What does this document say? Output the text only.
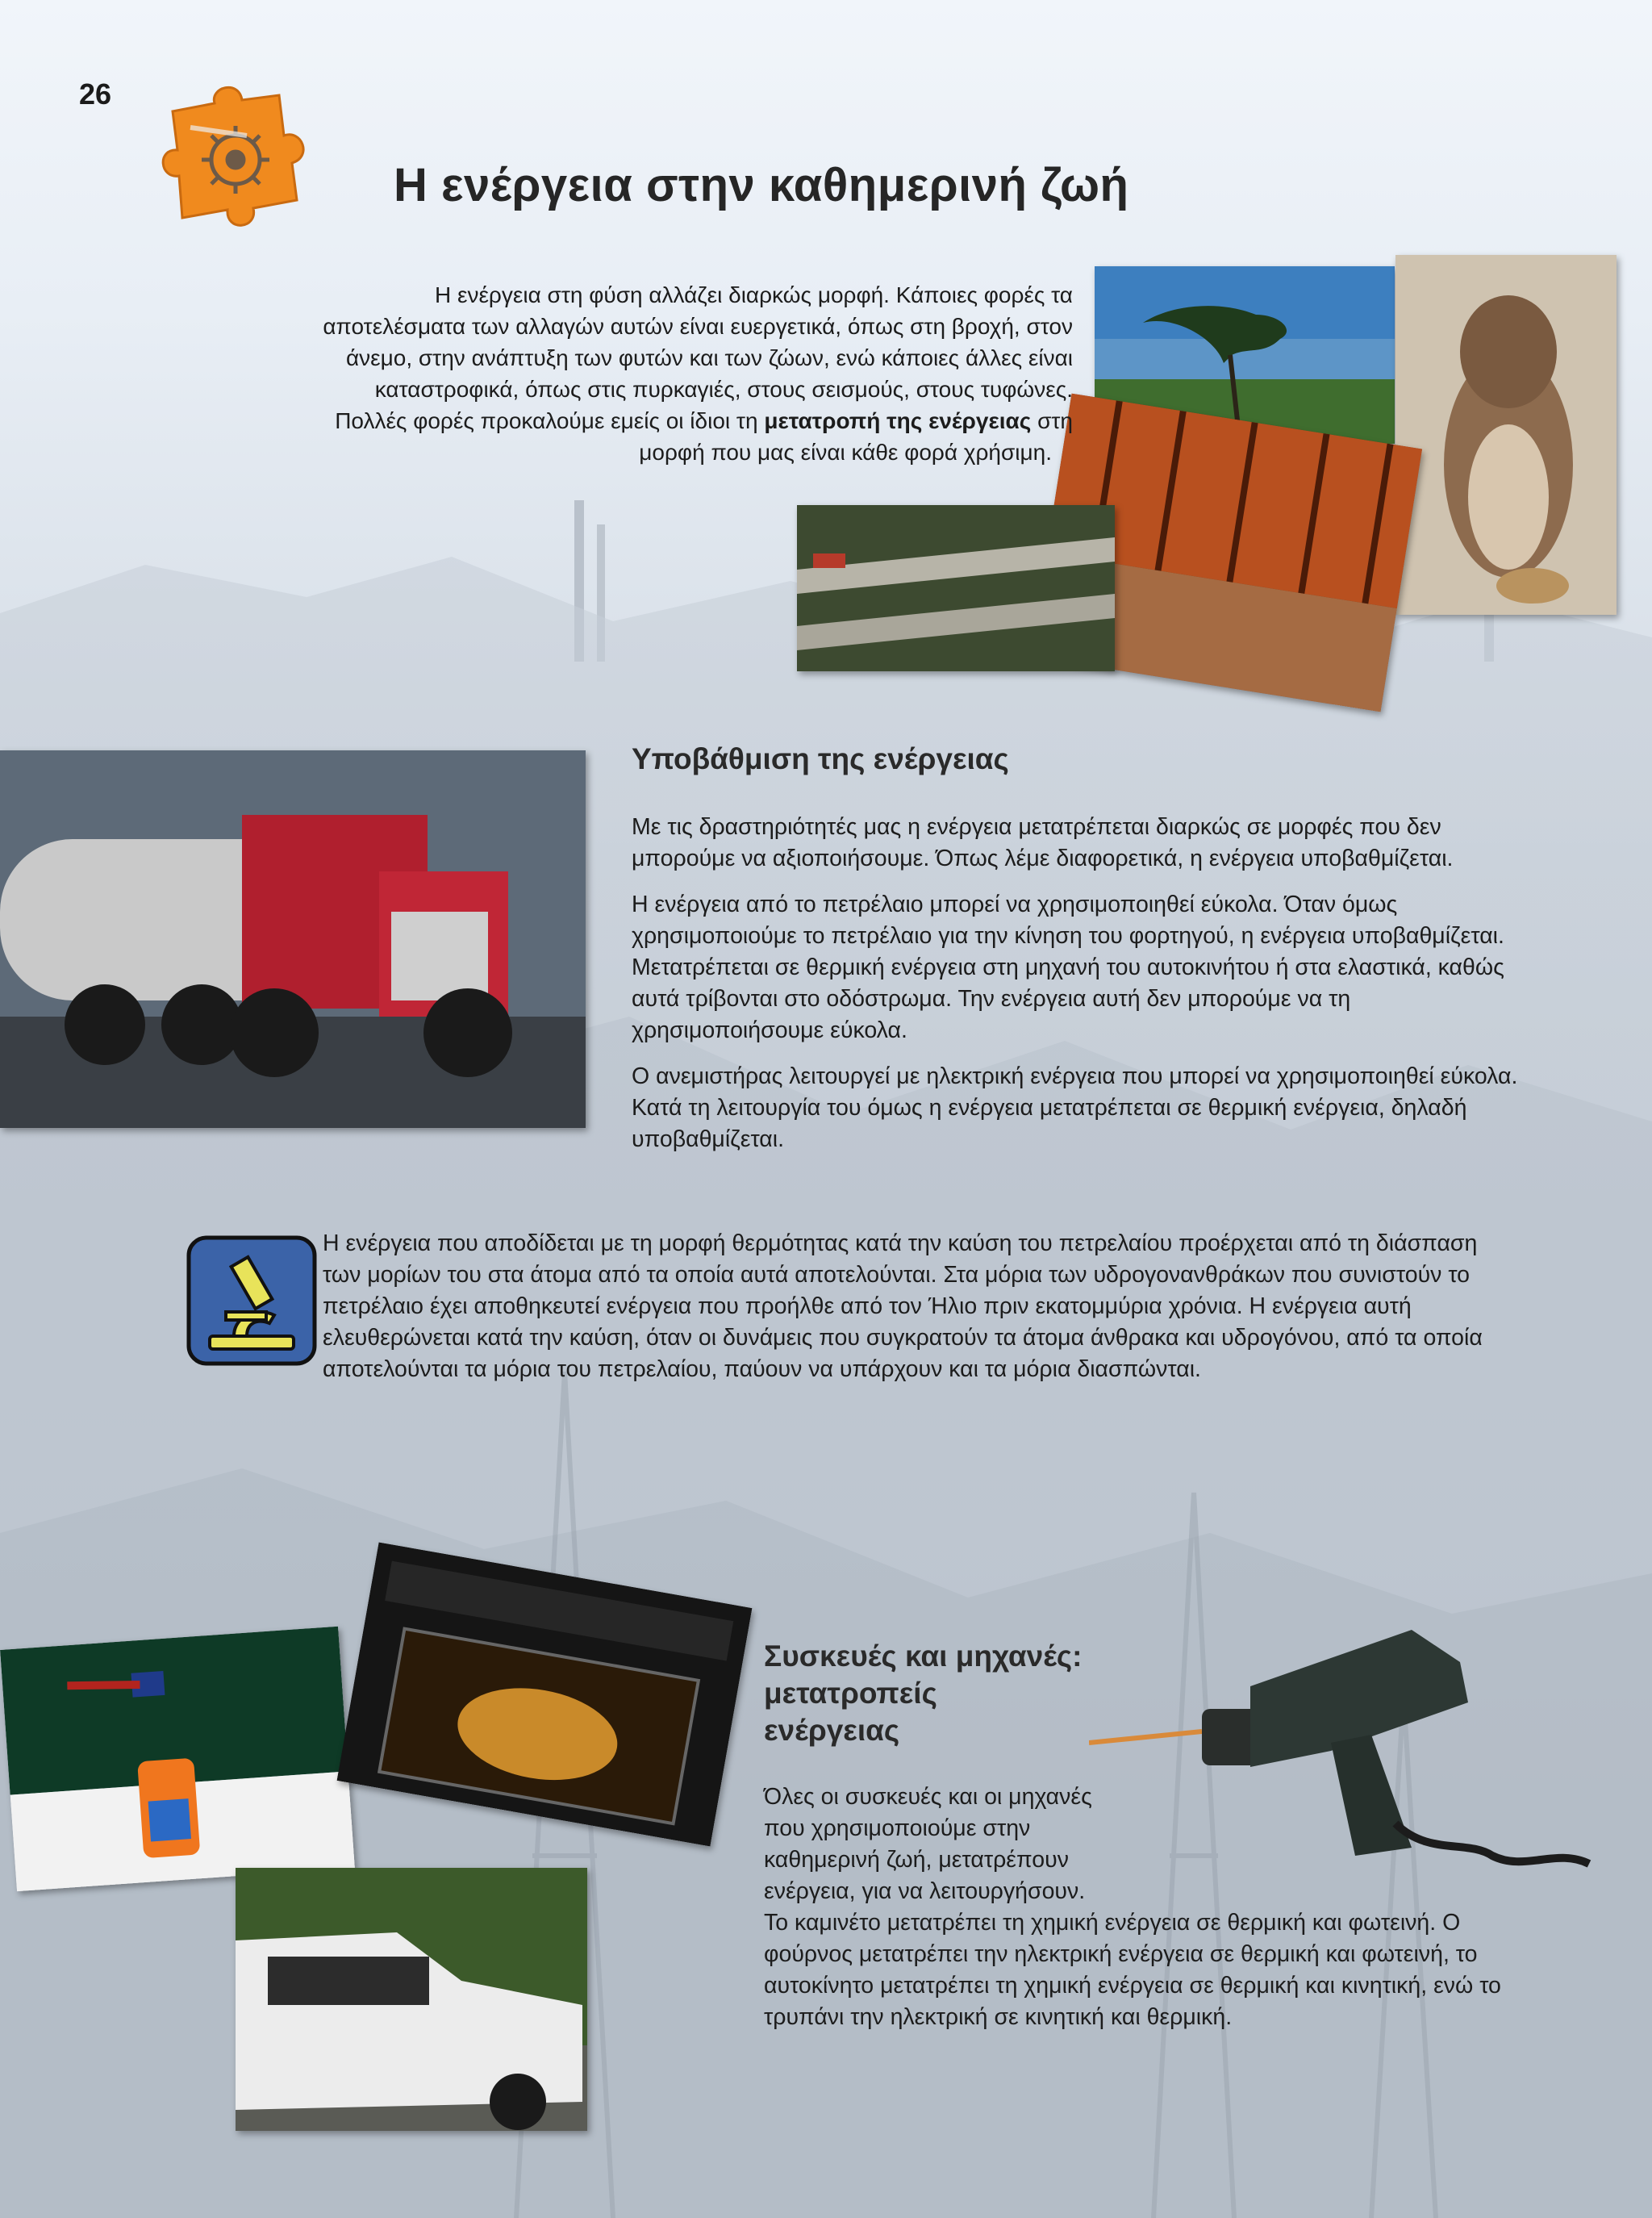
26
Η ενέργεια στην καθημερινή ζωή
Η ενέργεια στη φύση αλλάζει διαρκώς μορφή. Κάποιες φορές τα
αποτελέσματα των αλλαγών αυτών είναι ευεργετικά, όπως στη βροχή, στον
άνεμο, στην ανάπτυξη των φυτών και των ζώων, ενώ κάποιες άλλες είναι
καταστροφικά, όπως στις πυρκαγιές, στους σεισμούς, στους τυφώνες.
Πολλές φορές προκαλούμε εμείς οι ίδιοι τη μετατροπή της ενέργειας στη
μορφή που μας είναι κάθε φορά χρήσιμη.
Υποβάθμιση της ενέργειας

Με τις δραστηριότητές μας η ενέργεια μετατρέπεται διαρκώς σε μορφές που δεν μπορούμε να αξιοποιήσουμε. Όπως λέμε διαφορετικά, η ενέργεια υποβαθμίζεται.

Η ενέργεια από το πετρέλαιο μπορεί να χρησιμοποιηθεί εύκολα. Όταν όμως χρησιμοποιούμε το πετρέλαιο για την κίνηση του φορτηγού, η ενέργεια υποβαθμίζεται. Μετατρέπεται σε θερμική ενέργεια στη μηχανή του αυτοκινήτου ή στα ελαστικά, καθώς αυτά τρίβονται στο οδόστρωμα. Την ενέργεια αυτή δεν μπορούμε να τη χρησιμοποιήσουμε εύκολα.

Ο ανεμιστήρας λειτουργεί με ηλεκτρική ενέργεια που μπορεί να χρησιμοποιηθεί εύκολα. Κατά τη λειτουργία του όμως η ενέργεια μετατρέπεται σε θερμική ενέργεια, δηλαδή υποβαθμίζεται.

Η ενέργεια που αποδίδεται με τη μορφή θερμότητας κατά την καύση του πετρελαίου προέρχεται από τη διάσπαση των μορίων του στα άτομα από τα οποία αυτά αποτελούνται. Στα μόρια των υδρογονανθράκων που συνιστούν το πετρέλαιο έχει αποθηκευτεί ενέργεια που προήλθε από τον Ήλιο πριν εκατομμύρια χρόνια. Η ενέργεια αυτή ελευθερώνεται κατά την καύση, όταν οι δυνάμεις που συγκρατούν τα άτομα άνθρακα και υδρογόνου, από τα οποία αποτελούνται τα μόρια του πετρελαίου, παύουν να υπάρχουν και τα μόρια διασπώνται.
Συσκευές και μηχανές:
μετατροπείς
ενέργειας

Όλες οι συσκευές και οι μηχανές που χρησιμοποιούμε στην καθημερινή ζωή, μετατρέπουν ενέργεια, για να λειτουργήσουν.

Το καμινέτο μετατρέπει τη χημική ενέργεια σε θερμική και φωτεινή. Ο φούρνος μετατρέπει την ηλεκτρική ενέργεια σε θερμική και φωτεινή, το αυτοκίνητο μετατρέπει τη χημική ενέργεια σε θερμική και κινητική, ενώ το τρυπάνι την ηλεκτρική σε κινητική και θερμική.
